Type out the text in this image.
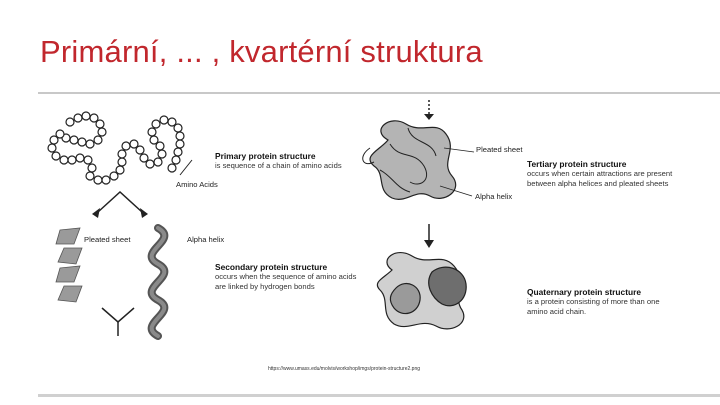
Primární, ... , kvartérní struktura
Primary protein structure
is sequence of a chain of amino acids
Amino Acids
Pleated sheet	Alpha helix
Secondary protein structure
occurs when the sequence of amino acids
are linked by hydrogen bonds
Pleated sheet
Tertiary protein structure
occurs when certain attractions are present
between alpha helices and pleated sheets
Alpha helix
Quaternary protein structure
is a protein consisting of more than one
amino acid chain.
https://www.umass.edu/molvis/workshop/imgs/protein-structure2.png
